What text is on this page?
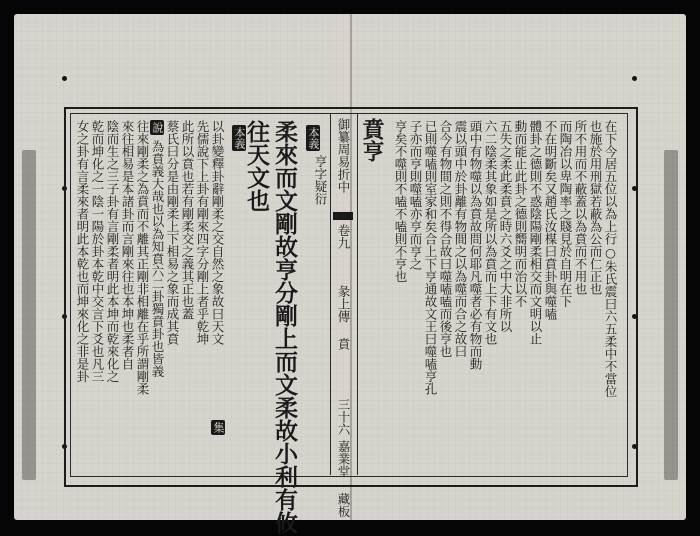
女之卦有言柔來者明此本乾也而坤來化之非是卦 乾而坤化之一陰一陽於卦本乾中交言下爻也凡三 陰而生之三子卦有言剛柔者明此本坤而乾來化之 來往相易是本諸卦而言剛來往也本坤也柔者自 往來剛柔之為賁而不離其正剛非相離在乎所謂剛柔 說
為賁義大哉也以為知賁六二卦獨賁卦也皆義 蔡氏曰分是由剛柔上下相易之象而成其賁 此所以賁也若有剛柔交之義其正也蓋 先儒說下上卦有剛來四字分剛上者乎乾坤 以卦變釋卦辭剛柔之交自然之象故曰天文
集
本義
往天文也 柔來而文剛故亨分剛上而文柔故小利有攸 本義
亨字疑衍 御纂周易折中
卷九
彖上傳 賁
三十六
嘉業堂 藏板
賁亨 亨矣不噬則不嗑不嗑則不亨也 子亦而亨則噬嗑亦亨而亨之 已則噬嗑則室家和矣合上下亨通故文王曰噬嗑亨孔 合今有物間之則不得合故曰噬嗑嗑而後亨也 震以頭中於卦離有物間之以為噬而合之故曰 頭中有物噬以為賁故問何耶凡噬者必有物而動 六二陰柔其象如是所以為賁而上下有文也 五失之柔此柔賁之時六爻之中大非所以 動而能止此卦之德則嚮明而治以不 體卦之德則不惑陰陽剛柔相交而文明以止 不在明斷矣又趙氏汝楳曰賁卦與噬嗑 而陶冶以卑陶率之賤見於自明在下 所不用而不蔽蓋以為賁而不用也 也施於用刑獄若蔽為公而仁正也 在下今居五位以為上行○朱氏震曰六五柔中不當位
